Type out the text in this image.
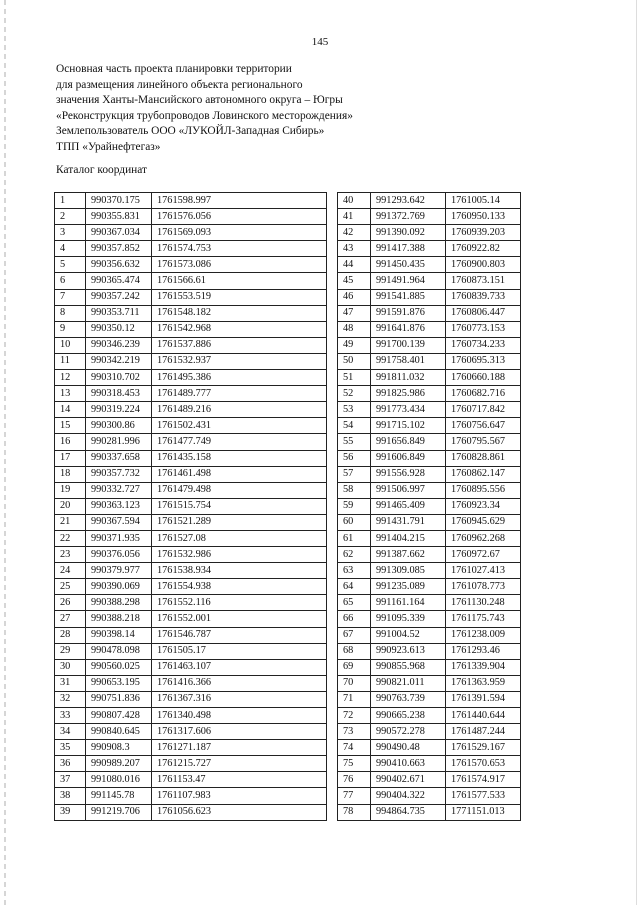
145
Основная часть проекта планировки территории
для размещения линейного объекта регионального
значения Ханты-Мансийского автономного округа – Югры
«Реконструкция трубопроводов Ловинского месторождения»
Землепользователь ООО «ЛУКОЙЛ-Западная Сибирь»
ТПП «Урайнефтегаз»
Каталог координат
1	990370.175	1761598.997
2	990355.831	1761576.056
3	990367.034	1761569.093
4	990357.852	1761574.753
5	990356.632	1761573.086
6	990365.474	1761566.61
7	990357.242	1761553.519
8	990353.711	1761548.182
9	990350.12	1761542.968
10	990346.239	1761537.886
11	990342.219	1761532.937
12	990310.702	1761495.386
13	990318.453	1761489.777
14	990319.224	1761489.216
15	990300.86	1761502.431
16	990281.996	1761477.749
17	990337.658	1761435.158
18	990357.732	1761461.498
19	990332.727	1761479.498
20	990363.123	1761515.754
21	990367.594	1761521.289
22	990371.935	1761527.08
23	990376.056	1761532.986
24	990379.977	1761538.934
25	990390.069	1761554.938
26	990388.298	1761552.116
27	990388.218	1761552.001
28	990398.14	1761546.787
29	990478.098	1761505.17
30	990560.025	1761463.107
31	990653.195	1761416.366
32	990751.836	1761367.316
33	990807.428	1761340.498
34	990840.645	1761317.606
35	990908.3	1761271.187
36	990989.207	1761215.727
37	991080.016	1761153.47
38	991145.78	1761107.983
39	991219.706	1761056.623
40	991293.642	1761005.14
41	991372.769	1760950.133
42	991390.092	1760939.203
43	991417.388	1760922.82
44	991450.435	1760900.803
45	991491.964	1760873.151
46	991541.885	1760839.733
47	991591.876	1760806.447
48	991641.876	1760773.153
49	991700.139	1760734.233
50	991758.401	1760695.313
51	991811.032	1760660.188
52	991825.986	1760682.716
53	991773.434	1760717.842
54	991715.102	1760756.647
55	991656.849	1760795.567
56	991606.849	1760828.861
57	991556.928	1760862.147
58	991506.997	1760895.556
59	991465.409	1760923.34
60	991431.791	1760945.629
61	991404.215	1760962.268
62	991387.662	1760972.67
63	991309.085	1761027.413
64	991235.089	1761078.773
65	991161.164	1761130.248
66	991095.339	1761175.743
67	991004.52	1761238.009
68	990923.613	1761293.46
69	990855.968	1761339.904
70	990821.011	1761363.959
71	990763.739	1761391.594
72	990665.238	1761440.644
73	990572.278	1761487.244
74	990490.48	1761529.167
75	990410.663	1761570.653
76	990402.671	1761574.917
77	990404.322	1761577.533
78	994864.735	1771151.013
